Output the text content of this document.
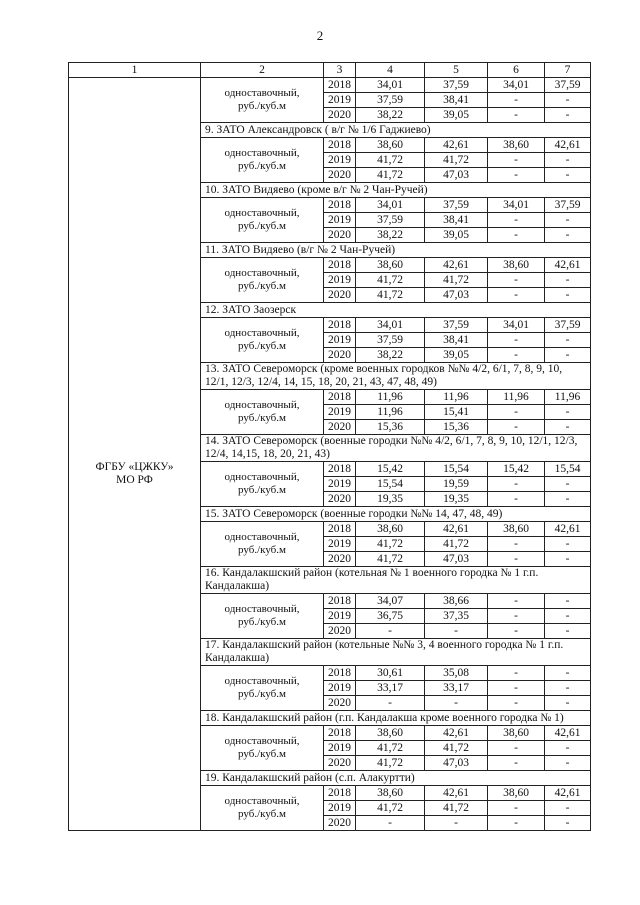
2
1	2	3	4	5	6	7
ФГБУ «ЦЖКУ»
МО РФ	одноставочный,
руб./куб.м	2018	34,01	37,59	34,01	37,59
		2019	37,59	38,41	-	-
		2020	38,22	39,05	-	-
	9. ЗАТО Александровск ( в/г № 1/6 Гаджиево)					
	одноставочный,
руб./куб.м	2018	38,60	42,61	38,60	42,61
		2019	41,72	41,72	-	-
		2020	41,72	47,03	-	-
	10. ЗАТО Видяево (кроме в/г № 2 Чан-Ручей)					
	одноставочный,
руб./куб.м	2018	34,01	37,59	34,01	37,59
		2019	37,59	38,41	-	-
		2020	38,22	39,05	-	-
	11. ЗАТО Видяево (в/г № 2 Чан-Ручей)					
	одноставочный,
руб./куб.м	2018	38,60	42,61	38,60	42,61
		2019	41,72	41,72	-	-
		2020	41,72	47,03	-	-
	12. ЗАТО Заозерск					
	одноставочный,
руб./куб.м	2018	34,01	37,59	34,01	37,59
		2019	37,59	38,41	-	-
		2020	38,22	39,05	-	-
	13. ЗАТО Североморск (кроме военных городков №№ 4/2, 6/1, 7, 8, 9, 10, 12/1, 12/3, 12/4, 14, 15, 18, 20, 21, 43, 47, 48, 49)					
	одноставочный,
руб./куб.м	2018	11,96	11,96	11,96	11,96
		2019	11,96	15,41	-	-
		2020	15,36	15,36	-	-
	14. ЗАТО Североморск (военные городки №№ 4/2, 6/1, 7, 8, 9, 10, 12/1, 12/3, 12/4, 14,15, 18, 20, 21, 43)					
	одноставочный,
руб./куб.м	2018	15,42	15,54	15,42	15,54
		2019	15,54	19,59	-	-
		2020	19,35	19,35	-	-
	15. ЗАТО Североморск (военные городки №№ 14, 47, 48, 49)					
	одноставочный,
руб./куб.м	2018	38,60	42,61	38,60	42,61
		2019	41,72	41,72	-	-
		2020	41,72	47,03	-	-
	16. Кандалакшский район (котельная № 1 военного городка № 1 г.п. Кандалакша)					
	одноставочный,
руб./куб.м	2018	34,07	38,66	-	-
		2019	36,75	37,35	-	-
		2020	-	-	-	-
	17. Кандалакшский район (котельные №№ 3, 4 военного городка № 1 г.п. Кандалакша)					
	одноставочный,
руб./куб.м	2018	30,61	35,08	-	-
		2019	33,17	33,17	-	-
		2020	-	-	-	-
	18. Кандалакшский район (г.п. Кандалакша кроме военного городка № 1)					
	одноставочный,
руб./куб.м	2018	38,60	42,61	38,60	42,61
		2019	41,72	41,72	-	-
		2020	41,72	47,03	-	-
	19. Кандалакшский район (с.п. Алакуртти)					
	одноставочный,
руб./куб.м	2018	38,60	42,61	38,60	42,61
		2019	41,72	41,72	-	-
		2020	-	-	-	-
